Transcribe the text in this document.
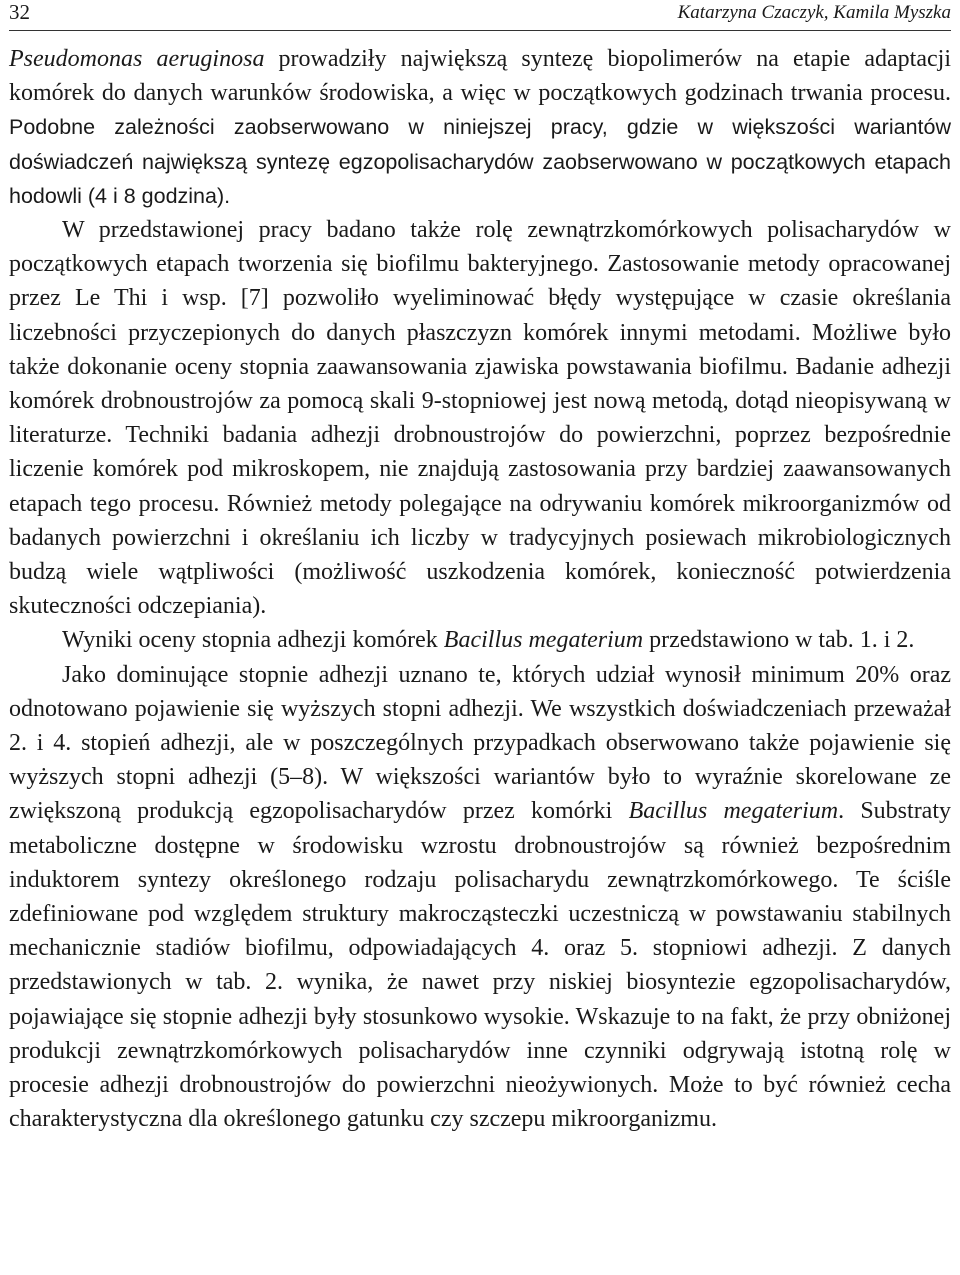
32	Katarzyna Czaczyk, Kamila Myszka

Pseudomonas aeruginosa prowadziły największą syntezę biopolimerów na etapie adaptacji komórek do danych warunków środowiska, a więc w początkowych godzinach trwania procesu. Podobne zależności zaobserwowano w niniejszej pracy, gdzie w większości wariantów doświadczeń największą syntezę egzopolisacharydów zaobserwowano w początkowych etapach hodowli (4 i 8 godzina).

W przedstawionej pracy badano także rolę zewnątrzkomórkowych polisacharydów w początkowych etapach tworzenia się biofilmu bakteryjnego. Zastosowanie metody opracowanej przez Le Thi i wsp. [7] pozwoliło wyeliminować błędy występujące w czasie określania liczebności przyczepionych do danych płaszczyzn komórek innymi metodami. Możliwe było także dokonanie oceny stopnia zaawansowania zjawiska powstawania biofilmu. Badanie adhezji komórek drobnoustrojów za pomocą skali 9-stopniowej jest nową metodą, dotąd nieopisywaną w literaturze. Techniki badania adhezji drobnoustrojów do powierzchni, poprzez bezpośrednie liczenie komórek pod mikroskopem, nie znajdują zastosowania przy bardziej zaawansowanych etapach tego procesu. Również metody polegające na odrywaniu komórek mikroorganizmów od badanych powierzchni i określaniu ich liczby w tradycyjnych posiewach mikrobiologicznych budzą wiele wątpliwości (możliwość uszkodzenia komórek, konieczność potwierdzenia skuteczności odczepiania).

Wyniki oceny stopnia adhezji komórek Bacillus megaterium przedstawiono w tab. 1. i 2.

Jako dominujące stopnie adhezji uznano te, których udział wynosił minimum 20% oraz odnotowano pojawienie się wyższych stopni adhezji. We wszystkich doświadczeniach przeważał 2. i 4. stopień adhezji, ale w poszczególnych przypadkach obserwowano także pojawienie się wyższych stopni adhezji (5–8). W większości wariantów było to wyraźnie skorelowane ze zwiększoną produkcją egzopolisacharydów przez komórki Bacillus megaterium. Substraty metaboliczne dostępne w środowisku wzrostu drobnoustrojów są również bezpośrednim induktorem syntezy określonego rodzaju polisacharydu zewnątrzkomórkowego. Te ściśle zdefiniowane pod względem struktury makrocząsteczki uczestniczą w powstawaniu stabilnych mechanicznie stadiów biofilmu, odpowiadających 4. oraz 5. stopniowi adhezji. Z danych przedstawionych w tab. 2. wynika, że nawet przy niskiej biosyntezie egzopolisacharydów, pojawiające się stopnie adhezji były stosunkowo wysokie. Wskazuje to na fakt, że przy obniżonej produkcji zewnątrzkomórkowych polisacharydów inne czynniki odgrywają istotną rolę w procesie adhezji drobnoustrojów do powierzchni nieożywionych. Może to być również cecha charakterystyczna dla określonego gatunku czy szczepu mikroorganizmu.
